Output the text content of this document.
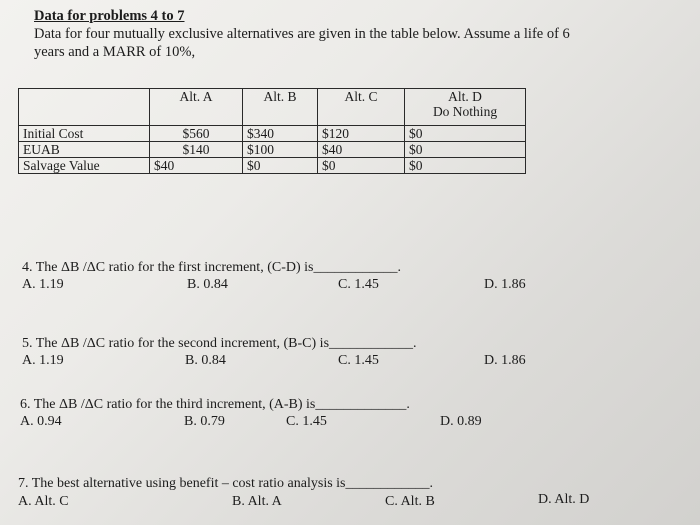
Data for problems 4 to 7
Data for four mutually exclusive alternatives are given in the table below. Assume a life of 6
years and a MARR of 10%,
	Alt. A	Alt. B	Alt. C	Alt. D
Do Nothing

Initial Cost	$560	$340	$120	$0
EUAB	$140	$100	$40	$0
Salvage Value	$40	$0	$0	$0
4. The ΔB /ΔC ratio for the first increment, (C-D) is____________.
A. 1.19	B. 0.84	C. 1.45	D. 1.86
5. The ΔB /ΔC ratio for the second increment, (B-C) is____________.
A. 1.19	B. 0.84	C. 1.45	D. 1.86
6. The ΔB /ΔC ratio for the third increment, (A-B) is_____________.
A. 0.94	B. 0.79	C. 1.45	D. 0.89
7. The best alternative using benefit – cost ratio analysis is____________.
A. Alt. C	B. Alt. A	C. Alt. B	D. Alt. D
